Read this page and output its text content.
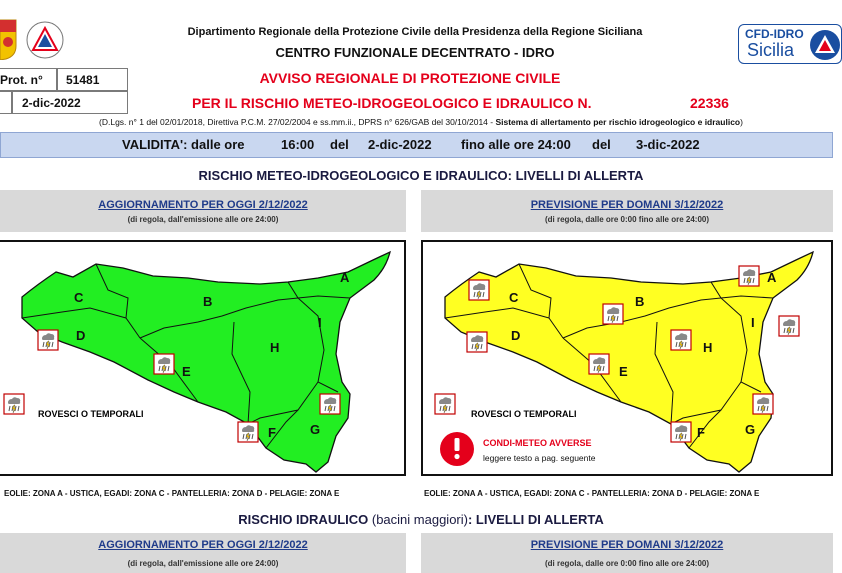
Dipartimento Regionale della Protezione Civile della Presidenza della Regione Siciliana
CENTRO FUNZIONALE DECENTRATO - IDRO
CFD-IDRO
Sicilia
Prot. n° 51481
2-dic-2022
AVVISO REGIONALE DI PROTEZIONE CIVILE
PER IL RISCHIO METEO-IDROGEOLOGICO E IDRAULICO N.	22336
(D.Lgs. n° 1 del 02/01/2018, Direttiva P.C.M. 27/02/2004 e ss.mm.ii., DPRS n° 626/GAB del 30/10/2014 - Sistema di allertamento per rischio idrogeologico e idraulico)
VALIDITA': dalle ore	16:00 del 2-dic-2022 fino alle ore 24:00 del 3-dic-2022
RISCHIO METEO-IDROGEOLOGICO E IDRAULICO: LIVELLI DI ALLERTA
AGGIORNAMENTO PER OGGI 2/12/2022
(di regola, dall'emissione alle ore 24:00)
PREVISIONE PER DOMANI 3/12/2022
(di regola, dalle ore 0:00 fino alle ore 24:00)
A
B
C
D
E
F	G
H
I
ROVESCI O TEMPORALI
A
B
C
D
E
F	G
H
I
ROVESCI O TEMPORALI
CONDI-METEO AVVERSE
leggere testo a pag. seguente
EOLIE: ZONA A - USTICA, EGADI: ZONA C - PANTELLERIA: ZONA D - PELAGIE: ZONA E	EOLIE: ZONA A - USTICA, EGADI: ZONA C - PANTELLERIA: ZONA D - PELAGIE: ZONA E
RISCHIO IDRAULICO (bacini maggiori): LIVELLI DI ALLERTA
AGGIORNAMENTO PER OGGI 2/12/2022
(di regola, dall'emissione alle ore 24:00)
PREVISIONE PER DOMANI 3/12/2022
(di regola, dalle ore 0:00 fino alle ore 24:00)
